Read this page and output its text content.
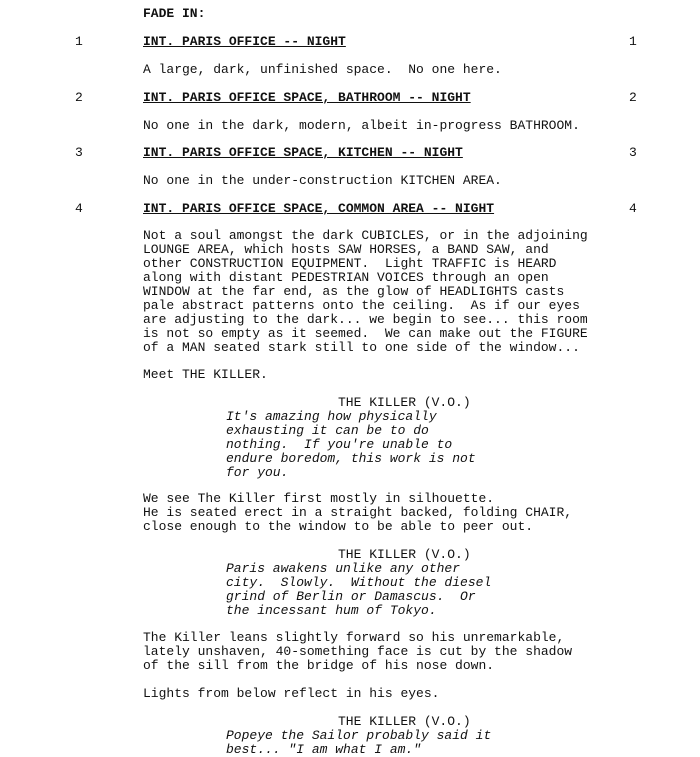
FADE IN:
1	INT. PARIS OFFICE -- NIGHT	1
A large, dark, unfinished space.  No one here.
2	INT. PARIS OFFICE SPACE, BATHROOM -- NIGHT	2
No one in the dark, modern, albeit in-progress BATHROOM.
3	INT. PARIS OFFICE SPACE, KITCHEN -- NIGHT	3
No one in the under-construction KITCHEN AREA.
4	INT. PARIS OFFICE SPACE, COMMON AREA -- NIGHT	4
Not a soul amongst the dark CUBICLES, or in the adjoining
LOUNGE AREA, which hosts SAW HORSES, a BAND SAW, and
other CONSTRUCTION EQUIPMENT.  Light TRAFFIC is HEARD
along with distant PEDESTRIAN VOICES through an open
WINDOW at the far end, as the glow of HEADLIGHTS casts
pale abstract patterns onto the ceiling.  As if our eyes
are adjusting to the dark... we begin to see... this room
is not so empty as it seemed.  We can make out the FIGURE
of a MAN seated stark still to one side of the window...
Meet THE KILLER.
THE KILLER (V.O.)
It's amazing how physically
exhausting it can be to do
nothing.  If you're unable to
endure boredom, this work is not
for you.
We see The Killer first mostly in silhouette.
He is seated erect in a straight backed, folding CHAIR,
close enough to the window to be able to peer out.
THE KILLER (V.O.)
Paris awakens unlike any other
city.  Slowly.  Without the diesel
grind of Berlin or Damascus.  Or
the incessant hum of Tokyo.
The Killer leans slightly forward so his unremarkable,
lately unshaven, 40-something face is cut by the shadow
of the sill from the bridge of his nose down.
Lights from below reflect in his eyes.
THE KILLER (V.O.)
Popeye the Sailor probably said it
best... "I am what I am."
